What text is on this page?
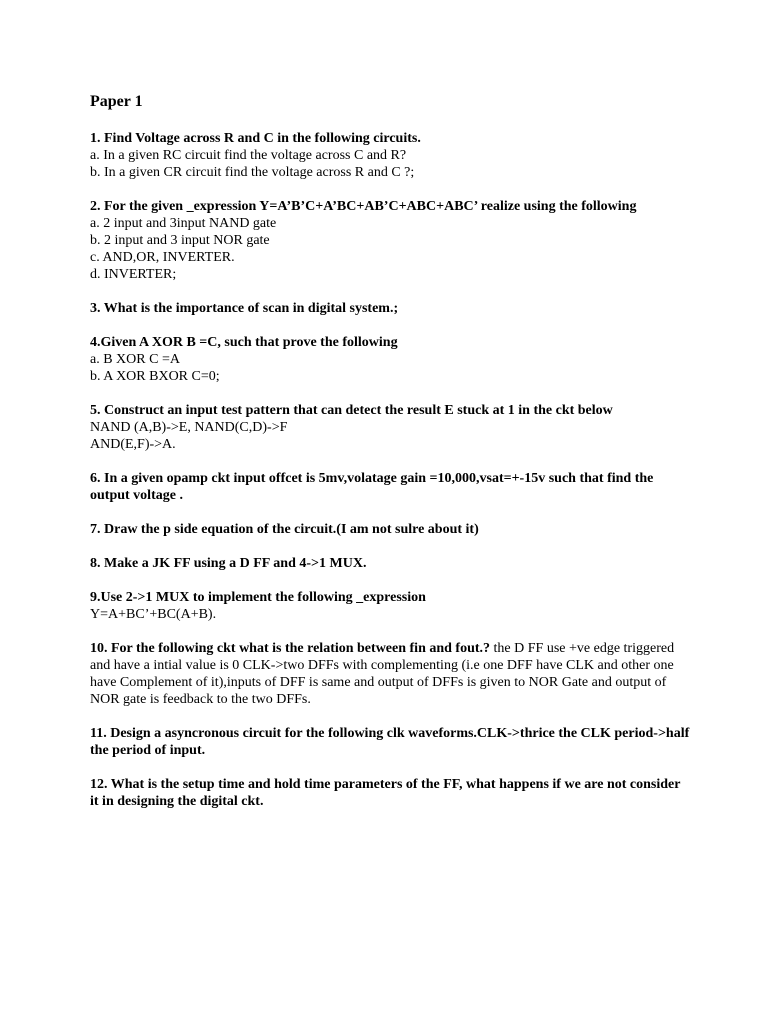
Paper 1
1. Find Voltage across R and C in the following circuits.
a. In a given RC circuit find the voltage across C and R?
b. In a given CR circuit find the voltage across R and C ?;
2. For the given _expression Y=A’B’C+A’BC+AB’C+ABC+ABC’ realize using the following
a. 2 input and 3input NAND gate
b. 2 input and 3 input NOR gate
c. AND,OR, INVERTER.
d. INVERTER;
3. What is the importance of scan in digital system.;
4.Given A XOR B =C, such that prove the following
a. B XOR C =A
b. A XOR BXOR C=0;
5. Construct an input test pattern that can detect the result E stuck at 1 in the ckt below
NAND (A,B)->E, NAND(C,D)->F
AND(E,F)->A.
6. In a given opamp ckt input offcet is 5mv,volatage gain =10,000,vsat=+-15v such that find the output voltage .
7. Draw the p side equation of the circuit.(I am not sulre about it)
8. Make a JK FF using a D FF and 4->1 MUX.
9.Use 2->1 MUX to implement the following _expression
Y=A+BC’+BC(A+B).
10. For the following ckt what is the relation between fin and fout.? the D FF use +ve edge triggered and have a intial value is 0 CLK->two DFFs with complementing (i.e one DFF have CLK and other one have Complement of it),inputs of DFF is same and output of DFFs is given to NOR Gate and output of NOR gate is feedback to the two DFFs.
11. Design a asyncronous circuit for the following clk waveforms.CLK->thrice the CLK period->half the period of input.
12. What is the setup time and hold time parameters of the FF, what happens if we are not consider it in designing the digital ckt.
